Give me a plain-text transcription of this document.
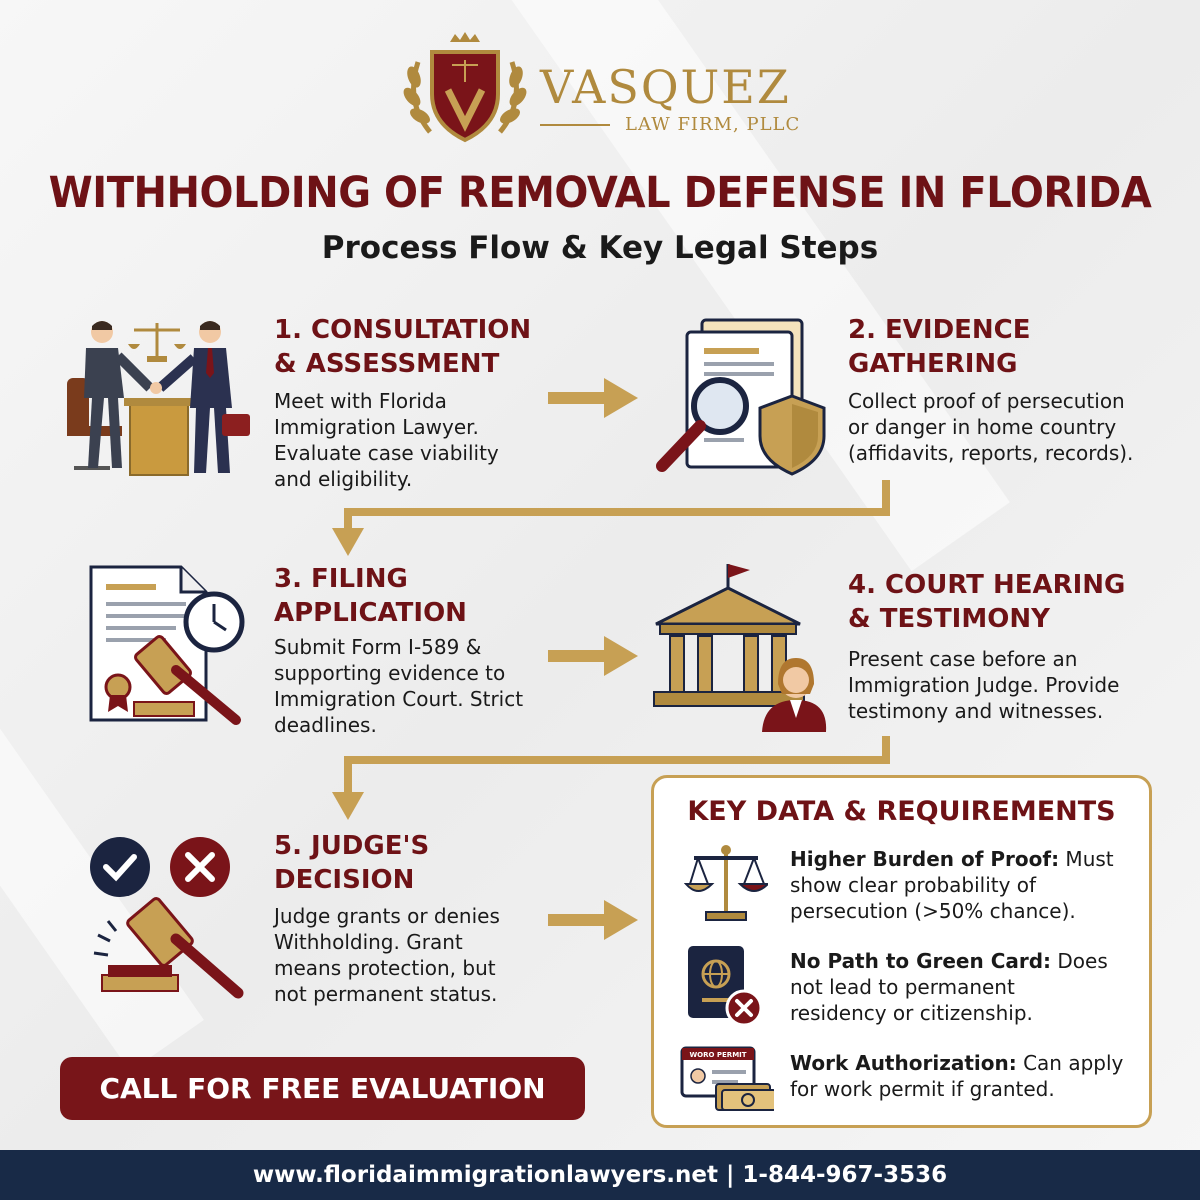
VASQUEZ
LAW FIRM, PLLC
WITHHOLDING OF REMOVAL DEFENSE IN FLORIDA
Process Flow & Key Legal Steps
1. CONSULTATION
& ASSESSMENT
Meet with Florida
Immigration Lawyer.
Evaluate case viability
and eligibility.
2. EVIDENCE
GATHERING
Collect proof of persecution
or danger in home country
(affidavits, reports, records).
3. FILING
APPLICATION
Submit Form I-589 &
supporting evidence to
Immigration Court. Strict
deadlines.
4. COURT HEARING
& TESTIMONY
Present case before an
Immigration Judge. Provide
testimony and witnesses.
5. JUDGE'S
DECISION
Judge grants or denies
Withholding. Grant
means protection, but
not permanent status.
KEY DATA & REQUIREMENTS
Higher Burden of Proof: Must
show clear probability of
persecution (>50% chance).
No Path to Green Card: Does
not lead to permanent
residency or citizenship.
WORO PERMIT Work Authorization: Can apply
for work permit if granted.
CALL FOR FREE EVALUATION
www.floridaimmigrationlawyers.net | 1-844-967-3536
